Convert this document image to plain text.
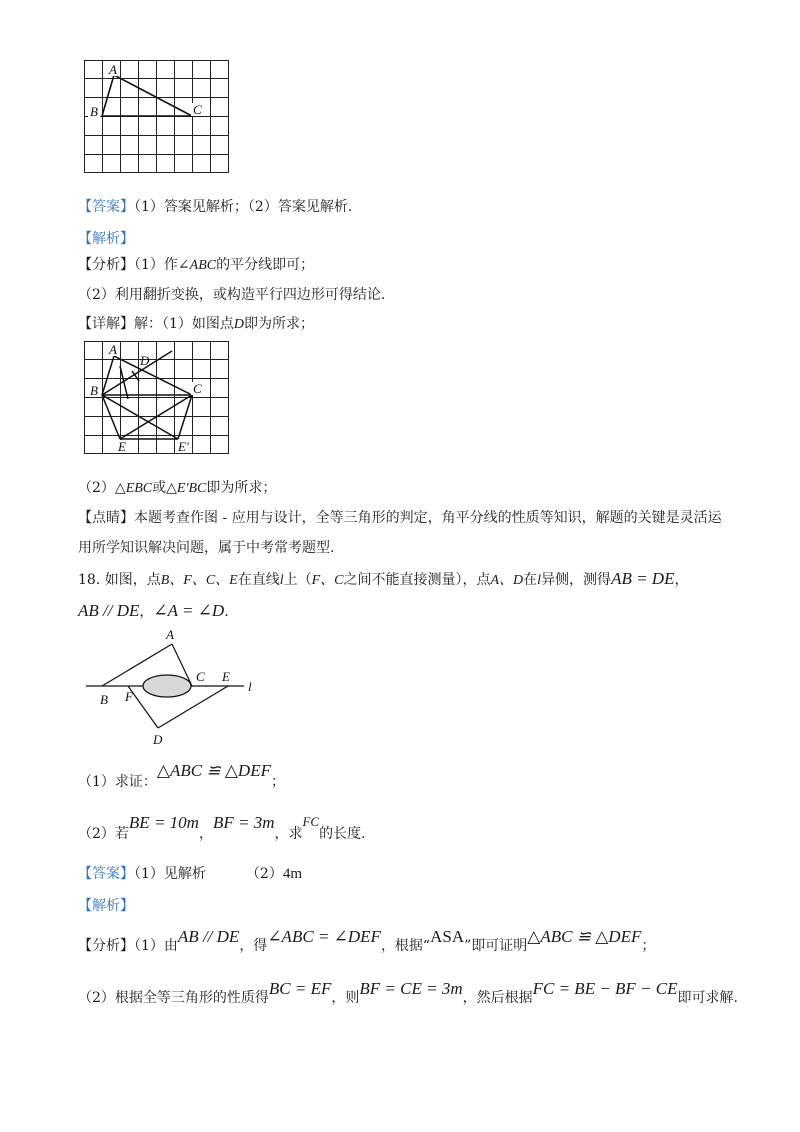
A
B	C
【答案】（1）答案见解析；（2）答案见解析.
【解析】
【分析】（1）作∠ABC的平分线即可；
（2）利用翻折变换，或构造平行四边形可得结论.
【详解】解：（1）如图点D即为所求；
A
D
B	C
E	E'
（2）△EBC或△E'BC即为所求；
【点睛】本题考查作图 - 应用与设计，全等三角形的判定，角平分线的性质等知识，解题的关键是灵活运
用所学知识解决问题，属于中考常考题型.
18. 如图，点B、F、C、E在直线l上（F、C之间不能直接测量），点A、D在l异侧，测得AB = DE，
AB // DE，∠A = ∠D.
A
C E
l
B F
D
（1）求证：△ABC ≌ △DEF；
（2）若BE = 10m，BF = 3m，求FC的长度.
【答案】（1）见解析	（2）4m
【解析】
【分析】（1）由AB // DE，得∠ABC = ∠DEF，根据“ASA”即可证明△ABC ≌ △DEF；
（2）根据全等三角形的性质得BC = EF，则BF = CE = 3m，然后根据FC = BE − BF − CE即可求解.
